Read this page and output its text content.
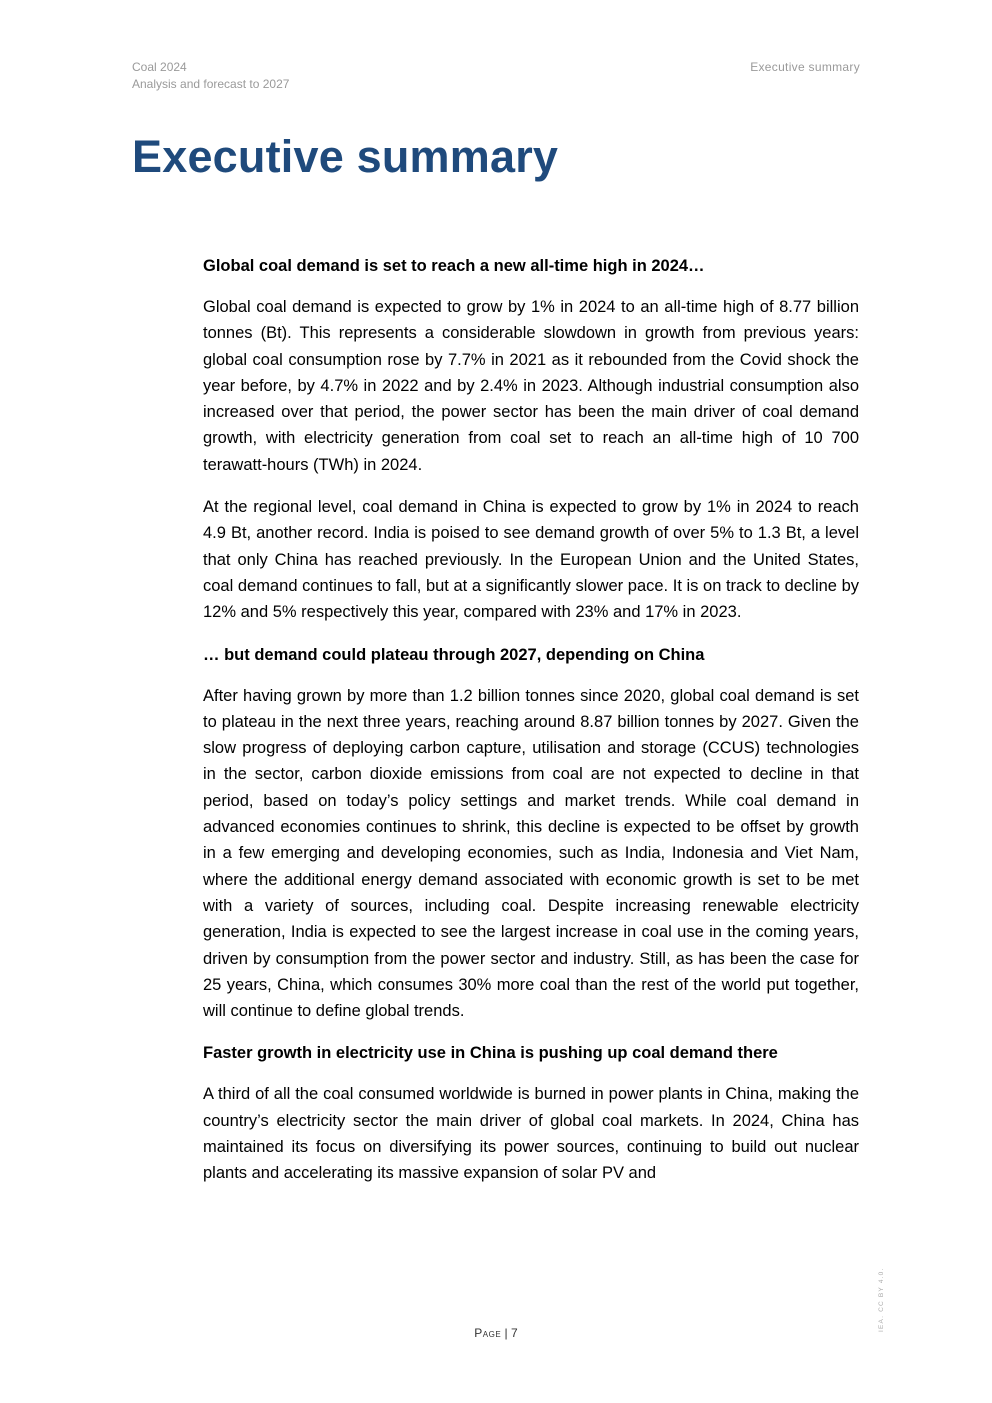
Coal 2024
Analysis and forecast to 2027
Executive summary
Executive summary
Global coal demand is set to reach a new all-time high in 2024…

Global coal demand is expected to grow by 1% in 2024 to an all-time high of 8.77 billion tonnes (Bt). This represents a considerable slowdown in growth from previous years: global coal consumption rose by 7.7% in 2021 as it rebounded from the Covid shock the year before, by 4.7% in 2022 and by 2.4% in 2023. Although industrial consumption also increased over that period, the power sector has been the main driver of coal demand growth, with electricity generation from coal set to reach an all-time high of 10 700 terawatt-hours (TWh) in 2024.

At the regional level, coal demand in China is expected to grow by 1% in 2024 to reach 4.9 Bt, another record. India is poised to see demand growth of over 5% to 1.3 Bt, a level that only China has reached previously. In the European Union and the United States, coal demand continues to fall, but at a significantly slower pace. It is on track to decline by 12% and 5% respectively this year, compared with 23% and 17% in 2023.

… but demand could plateau through 2027, depending on China

After having grown by more than 1.2 billion tonnes since 2020, global coal demand is set to plateau in the next three years, reaching around 8.87 billion tonnes by 2027. Given the slow progress of deploying carbon capture, utilisation and storage (CCUS) technologies in the sector, carbon dioxide emissions from coal are not expected to decline in that period, based on today’s policy settings and market trends. While coal demand in advanced economies continues to shrink, this decline is expected to be offset by growth in a few emerging and developing economies, such as India, Indonesia and Viet Nam, where the additional energy demand associated with economic growth is set to be met with a variety of sources, including coal. Despite increasing renewable electricity generation, India is expected to see the largest increase in coal use in the coming years, driven by consumption from the power sector and industry. Still, as has been the case for 25 years, China, which consumes 30% more coal than the rest of the world put together, will continue to define global trends.

Faster growth in electricity use in China is pushing up coal demand there

A third of all the coal consumed worldwide is burned in power plants in China, making the country’s electricity sector the main driver of global coal markets. In 2024, China has maintained its focus on diversifying its power sources, continuing to build out nuclear plants and accelerating its massive expansion of solar PV and

Page | 7
IEA. CC BY 4.0.
